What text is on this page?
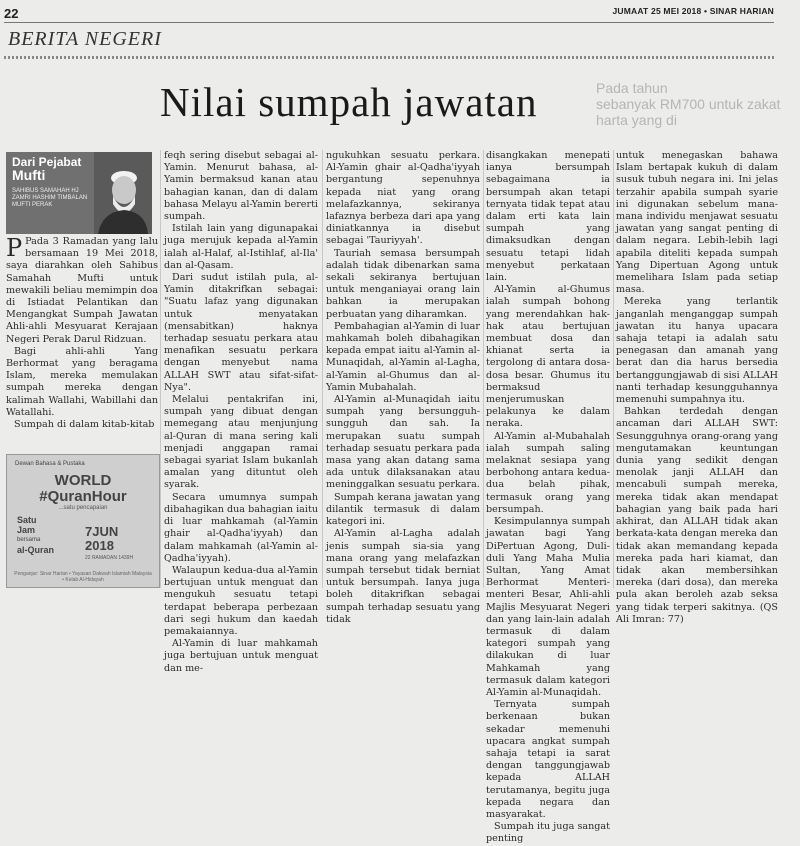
22	JUMAAT 25 MEI 2018 • SINAR HARIAN
BERITA NEGERI
Pada tahun
sebanyak RM700 untuk zakat harta yang di
Nilai sumpah jawatan
Dari Pejabat
Mufti
SAHIBUS SAMAHAH HJ ZAMRI HASHIM TIMBALAN MUFTI PERAK

P Pada 3 Ramadan yang lalu bersamaan 19 Mei 2018, saya diarahkan oleh Sahibus Samahah Mufti untuk mewakili beliau memimpin doa di Istiadat Pelantikan dan Mengangkat Sumpah Jawatan Ahli-ahli Mesyuarat Kerajaan Negeri Perak Darul Ridzuan.

Bagi ahli-ahli Yang Berhormat yang beragama Islam, mereka memulakan sumpah mereka dengan kalimah Wallahi, Wabillahi dan Watallahi.

Sumpah di dalam kitab-kitab

Dewan Bahasa & Pustaka
WORLD
#QuranHour
...satu pencapaian
Satu
Jam
bersama
al-Quran
7JUN
2018
22 RAMADAN 1439H
Penganjur: Sinar Harian • Yayasan Dakwah Islamiah Malaysia • Kelab Al-Hidayah

feqh sering disebut sebagai al-Yamin. Menurut bahasa, al-Yamin bermaksud kanan atau bahagian kanan, dan di dalam bahasa Melayu al-Yamin bererti sumpah.

Istilah lain yang digunapakai juga merujuk kepada al-Yamin ialah al-Halaf, al-Istihlaf, al-Ila' dan al-Qasam.

Dari sudut istilah pula, al-Yamin ditakrifkan sebagai: "Suatu lafaz yang digunakan untuk menyatakan (mensabitkan) haknya terhadap sesuatu perkara atau menafikan sesuatu perkara dengan menyebut nama ALLAH SWT atau sifat-sifat-Nya".

Melalui pentakrifan ini, sumpah yang dibuat dengan memegang atau menjunjung al-Quran di mana sering kali menjadi anggapan ramai sebagai syariat Islam bukanlah amalan yang dituntut oleh syarak.

Secara umumnya sumpah dibahagikan dua bahagian iaitu di luar mahkamah (al-Yamin ghair al-Qadha'iyyah) dan dalam mahkamah (al-Yamin al-Qadha'iyyah).

Walaupun kedua-dua al-Yamin bertujuan untuk menguat dan mengukuh sesuatu tetapi terdapat beberapa perbezaan dari segi hukum dan kaedah pemakaiannya.

Al-Yamin di luar mahkamah juga bertujuan untuk menguat dan me-

ngukuhkan sesuatu perkara. Al-Yamin ghair al-Qadha'iyyah bergantung sepenuhnya kepada niat yang orang melafazkannya, sekiranya lafaznya berbeza dari apa yang diniatkannya ia disebut sebagai 'Tauriyyah'.

Tauriah semasa bersumpah adalah tidak dibenarkan sama sekali sekiranya bertujuan untuk menganiayai orang lain bahkan ia merupakan perbuatan yang diharamkan.

Pembahagian al-Yamin di luar mahkamah boleh dibahagikan kepada empat iaitu al-Yamin al-Munaqidah, al-Yamin al-Lagha, al-Yamin al-Ghumus dan al-Yamin Mubahalah.

Al-Yamin al-Munaqidah iaitu sumpah yang bersungguh-sungguh dan sah. Ia merupakan suatu sumpah terhadap sesuatu perkara pada masa yang akan datang sama ada untuk dilaksanakan atau meninggalkan sesuatu perkara.

Sumpah kerana jawatan yang dilantik termasuk di dalam kategori ini.

Al-Yamin al-Lagha adalah jenis sumpah sia-sia yang mana orang yang melafazkan sumpah tersebut tidak berniat untuk bersumpah. Ianya juga boleh ditakrifkan sebagai sumpah terhadap sesuatu yang tidak

disangkakan menepati ianya bersumpah sebagaimana ia bersumpah akan tetapi ternyata tidak tepat atau dalam erti kata lain sumpah yang dimaksudkan dengan sesuatu tetapi lidah menyebut perkataan lain.

Al-Yamin al-Ghumus ialah sumpah bohong yang merendahkan hak-hak atau bertujuan membuat dosa dan khianat serta ia tergolong di antara dosa-dosa besar. Ghumus itu bermaksud menjerumuskan pelakunya ke dalam neraka.

Al-Yamin al-Mubahalah ialah sumpah saling melaknat sesiapa yang berbohong antara kedua-dua belah pihak, termasuk orang yang bersumpah.

Kesimpulannya sumpah jawatan bagi Yang DiPertuan Agong, Duli-duli Yang Maha Mulia Sultan, Yang Amat Berhormat Menteri-menteri Besar, Ahli-ahli Majlis Mesyuarat Negeri dan yang lain-lain adalah termasuk di dalam kategori sumpah yang dilakukan di luar Mahkamah yang termasuk dalam kategori Al-Yamin al-Munaqidah.

Ternyata sumpah berkenaan bukan sekadar memenuhi upacara angkat sumpah sahaja tetapi ia sarat dengan tanggungjawab kepada ALLAH terutamanya, begitu juga kepada negara dan masyarakat.

Sumpah itu juga sangat penting

untuk menegaskan bahawa Islam bertapak kukuh di dalam susuk tubuh negara ini. Ini jelas terzahir apabila sumpah syarie ini digunakan sebelum mana-mana individu menjawat sesuatu jawatan yang sangat penting di dalam negara. Lebih-lebih lagi apabila diteliti kepada sumpah Yang Dipertuan Agong untuk memelihara Islam pada setiap masa.

Mereka yang terlantik janganlah menganggap sumpah jawatan itu hanya upacara sahaja tetapi ia adalah satu penegasan dan amanah yang berat dan dia harus bersedia bertanggungjawab di sisi ALLAH nanti terhadap kesungguhannya memenuhi sumpahnya itu.

Bahkan terdedah dengan ancaman dari ALLAH SWT: Sesungguhnya orang-orang yang mengutamakan keuntungan dunia yang sedikit dengan menolak janji ALLAH dan mencabuli sumpah mereka, mereka tidak akan mendapat bahagian yang baik pada hari akhirat, dan ALLAH tidak akan berkata-kata dengan mereka dan tidak akan memandang kepada mereka pada hari kiamat, dan tidak akan membersihkan mereka (dari dosa), dan mereka pula akan beroleh azab seksa yang tidak terperi sakitnya. (QS Ali Imran: 77)
